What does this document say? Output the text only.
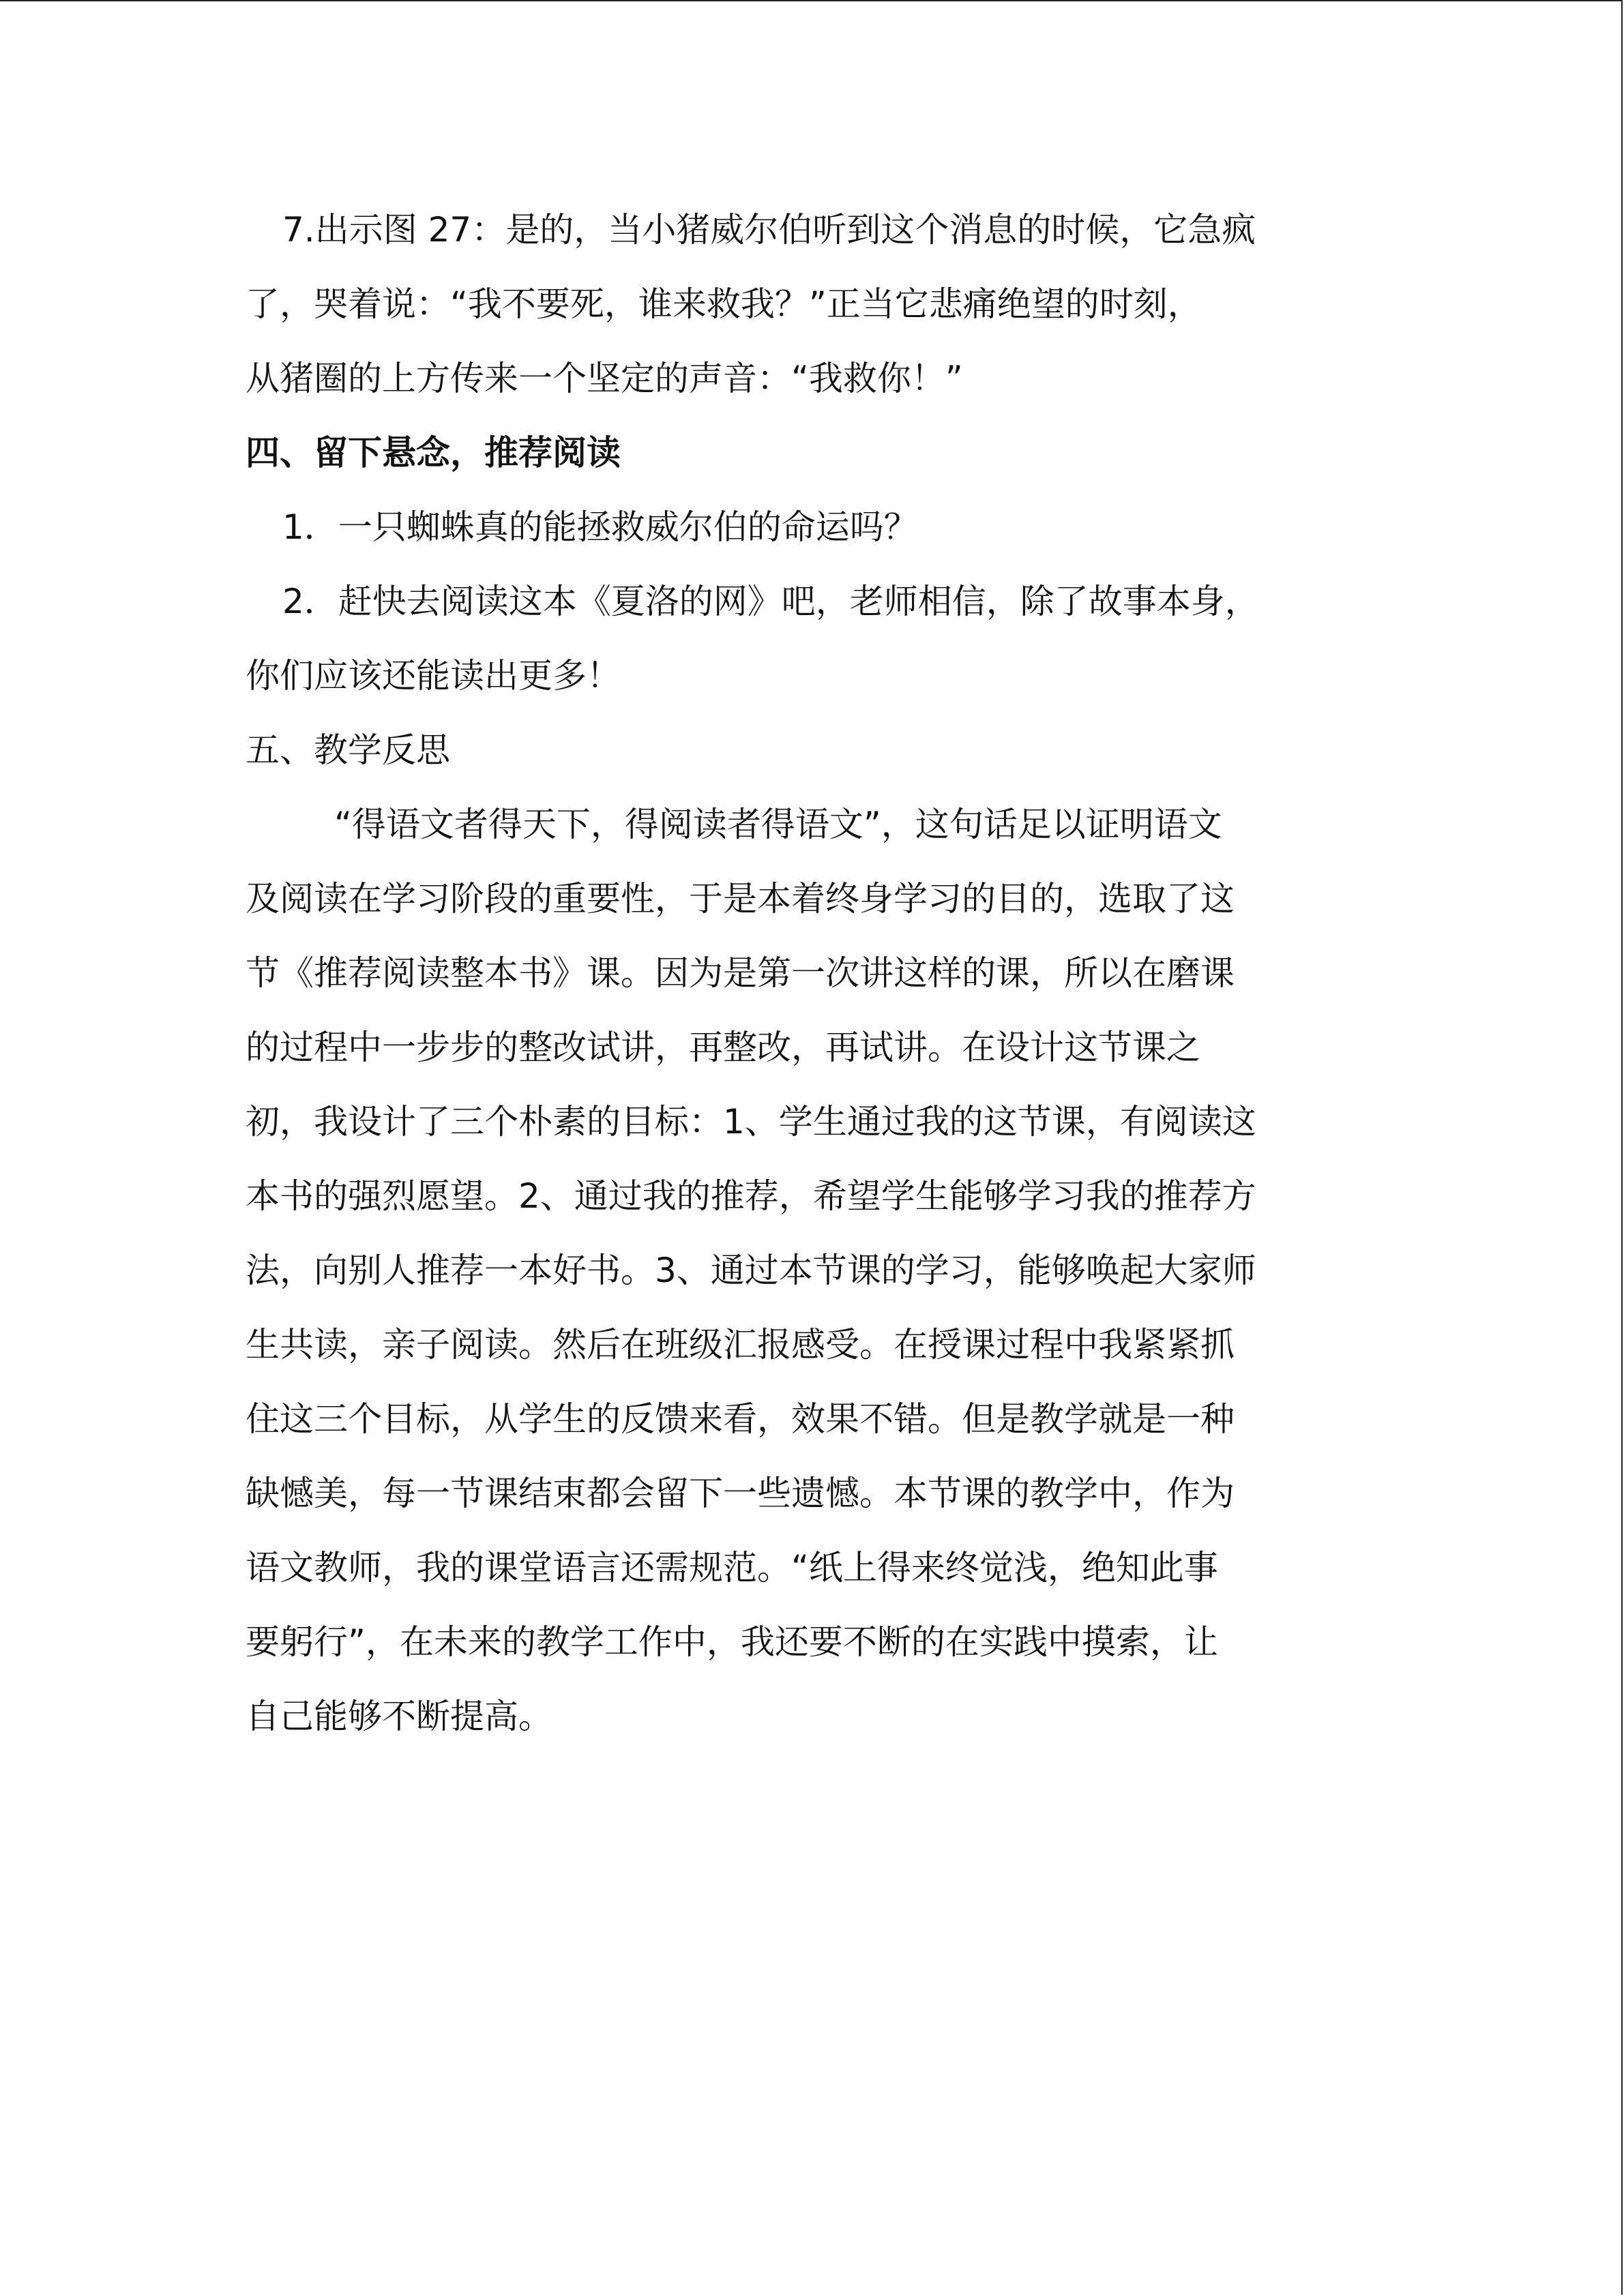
7.出示图 27：是的，当小猪威尔伯听到这个消息的时候，它急疯
了，哭着说：“我不要死，谁来救我？”正当它悲痛绝望的时刻，
从猪圈的上方传来一个坚定的声音：“我救你！”
四、留下悬念，推荐阅读
1．一只蜘蛛真的能拯救威尔伯的命运吗？
2．赶快去阅读这本《夏洛的网》吧，老师相信，除了故事本身，
你们应该还能读出更多！
五、教学反思
“得语文者得天下，得阅读者得语文”，这句话足以证明语文
及阅读在学习阶段的重要性，于是本着终身学习的目的，选取了这
节《推荐阅读整本书》课。因为是第一次讲这样的课，所以在磨课
的过程中一步步的整改试讲，再整改，再试讲。在设计这节课之
初，我设计了三个朴素的目标：1、学生通过我的这节课，有阅读这
本书的强烈愿望。2、通过我的推荐，希望学生能够学习我的推荐方
法，向别人推荐一本好书。3、通过本节课的学习，能够唤起大家师
生共读，亲子阅读。然后在班级汇报感受。在授课过程中我紧紧抓
住这三个目标，从学生的反馈来看，效果不错。但是教学就是一种
缺憾美，每一节课结束都会留下一些遗憾。本节课的教学中，作为
语文教师，我的课堂语言还需规范。“纸上得来终觉浅，绝知此事
要躬行”，在未来的教学工作中，我还要不断的在实践中摸索，让
自己能够不断提高。
